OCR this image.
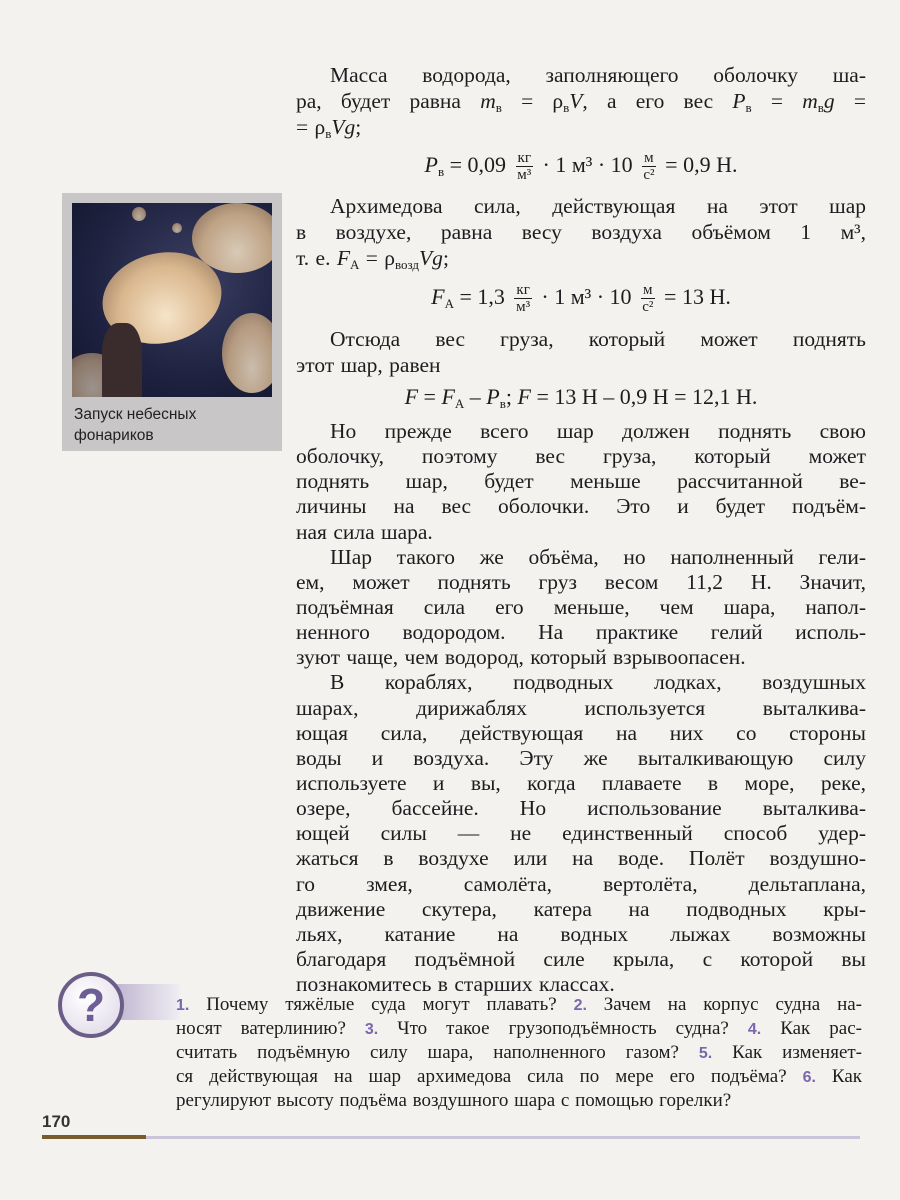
Запуск небесных
фонариков
Масса водорода, заполняющего оболочку ша-
ра, будет равна $m_в = \rho_вV$, а его вес $P_в = m_вg$ =
= $\rho_вVg$;
$P_в = 0,09 \frac{кг}{\text{м³}} \cdot 1$ $м^3 \cdot 10 \frac{м}{\text{с²}} = 0,9$ Н.
Архимедова сила, действующая на этот шар
в воздухе, равна весу воздуха объёмом 1 м³,
т. е. $F_А = \rho_{возд}Vg$;
$F_А = 1,3 \frac{кг}{\text{м³}} \cdot 1$ $м^3 \cdot 10 \frac{м}{\text{с²}} = 13$ Н.
Отсюда вес груза, который может поднять
этот шар, равен
$F = F_А - P_в$; F = 13 Н – 0,9 Н = 12,1 Н.
Но прежде всего шар должен поднять свою
оболочку, поэтому вес груза, который может
поднять шар, будет меньше рассчитанной ве-
личины на вес оболочки. Это и будет подъём-
ная сила шара.
Шар такого же объёма, но наполненный гели-
ем, может поднять груз весом 11,2 Н. Значит,
подъёмная сила его меньше, чем шара, напол-
ненного водородом. На практике гелий исполь-
зуют чаще, чем водород, который взрывоопасен.
В кораблях, подводных лодках, воздушных
шарах, дирижаблях используется выталкива-
ющая сила, действующая на них со стороны
воды и воздуха. Эту же выталкивающую силу
используете и вы, когда плаваете в море, реке,
озере, бассейне. Но использование выталкива-
ющей силы — не единственный способ удер-
жаться в воздухе или на воде. Полёт воздушно-
го змея, самолёта, вертолёта, дельтаплана,
движение скутера, катера на подводных кры-
льях, катание на водных лыжах возможны
благодаря подъёмной силе крыла, с которой вы
познакомитесь в старших классах.
?	1. Почему тяжёлые суда могут плавать? 2. Зачем на корпус судна на-
носят ватерлинию? 3. Что такое грузоподъёмность судна? 4. Как рас-
считать подъёмную силу шара, наполненного газом? 5. Как изменяет-
ся действующая на шар архимедова сила по мере его подъёма? 6. Как
регулируют высоту подъёма воздушного шара с помощью горелки?
170
